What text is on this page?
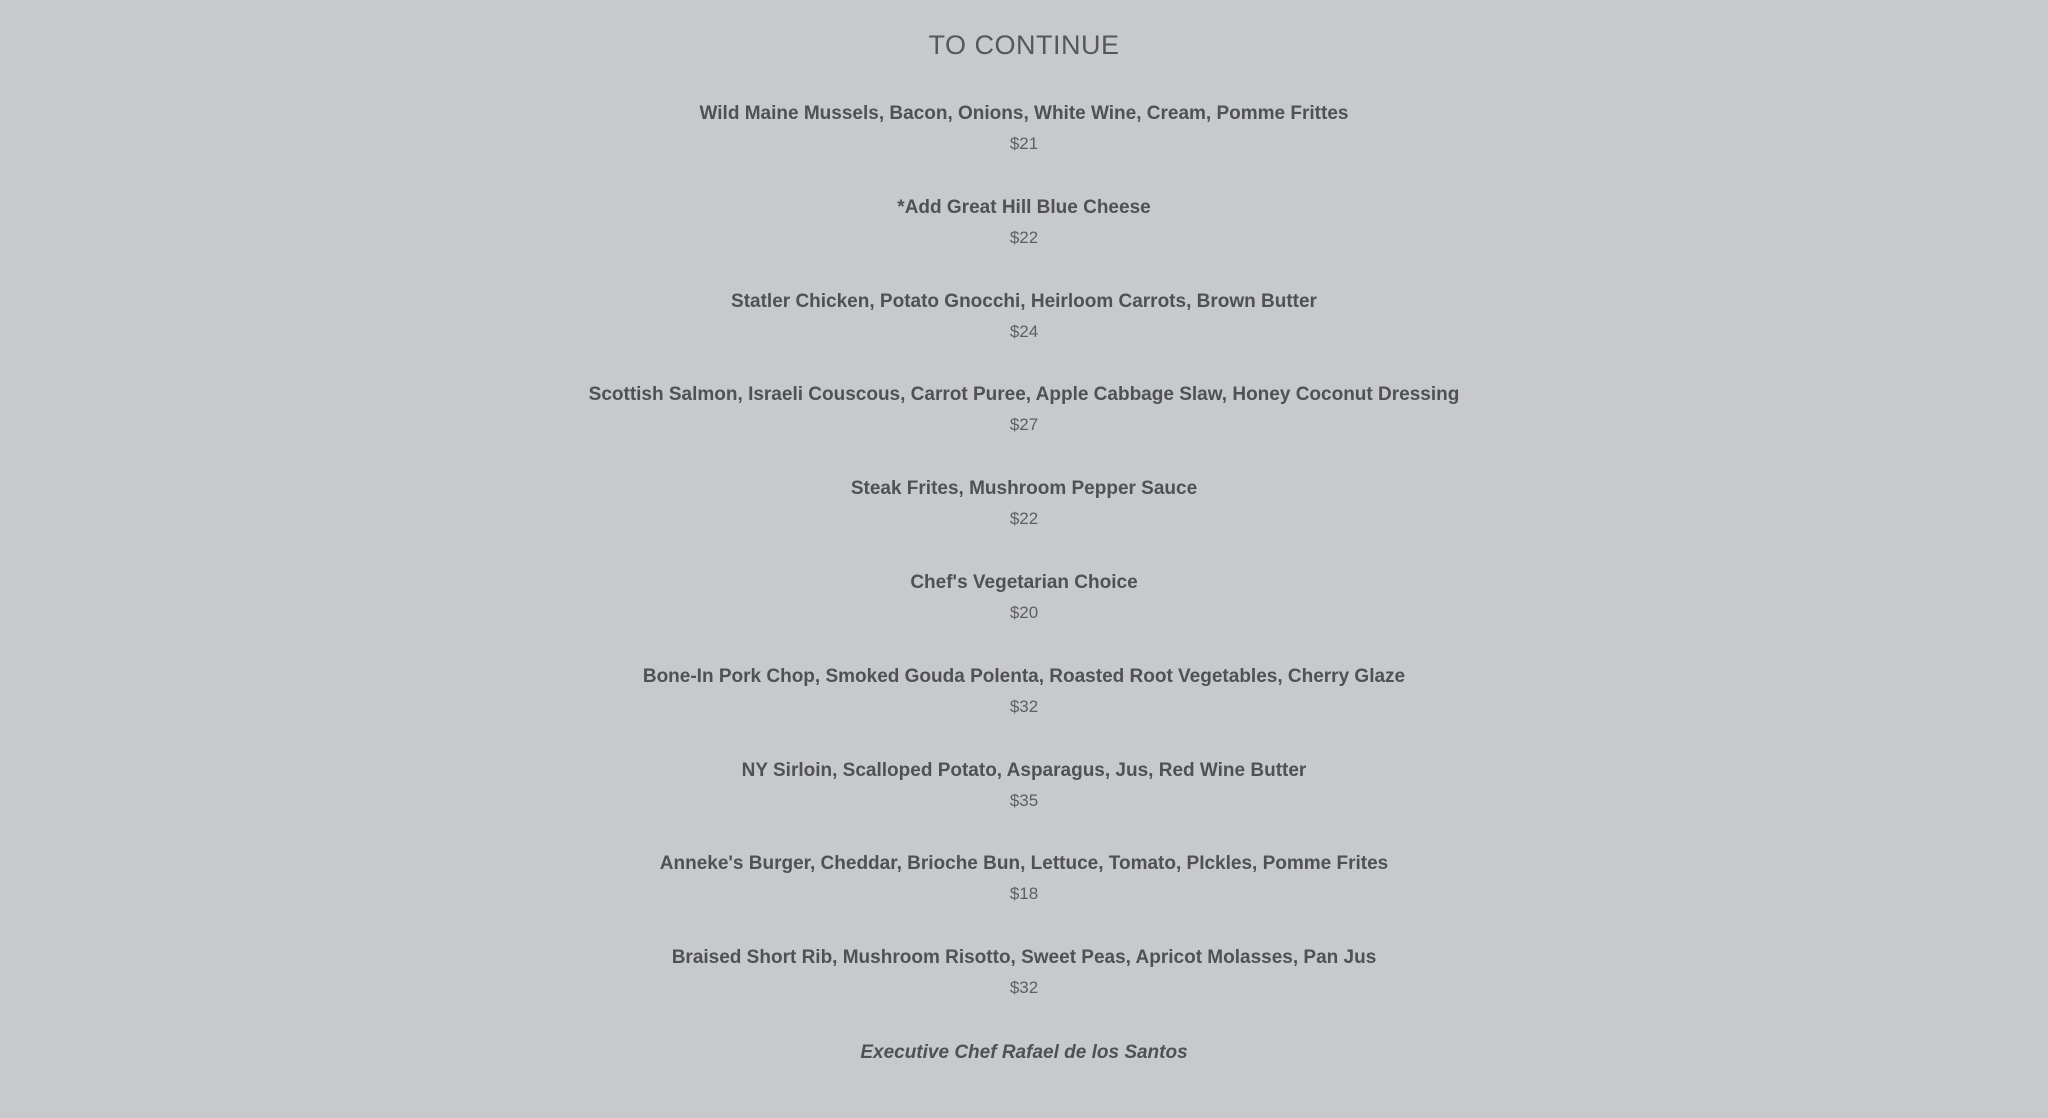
TO CONTINUE
Wild Maine Mussels, Bacon, Onions, White Wine, Cream, Pomme Frittes
$21
*Add Great Hill Blue Cheese
$22
Statler Chicken, Potato Gnocchi, Heirloom Carrots, Brown Butter
$24
Scottish Salmon, Israeli Couscous, Carrot Puree, Apple Cabbage Slaw, Honey Coconut Dressing
$27
Steak Frites, Mushroom Pepper Sauce
$22
Chef's Vegetarian Choice
$20
Bone-In Pork Chop, Smoked Gouda Polenta, Roasted Root Vegetables, Cherry Glaze
$32
NY Sirloin, Scalloped Potato, Asparagus, Jus, Red Wine Butter
$35
Anneke's Burger, Cheddar, Brioche Bun, Lettuce, Tomato, PIckles, Pomme Frites
$18
Braised Short Rib, Mushroom Risotto, Sweet Peas, Apricot Molasses, Pan Jus
$32
Executive Chef Rafael de los Santos
